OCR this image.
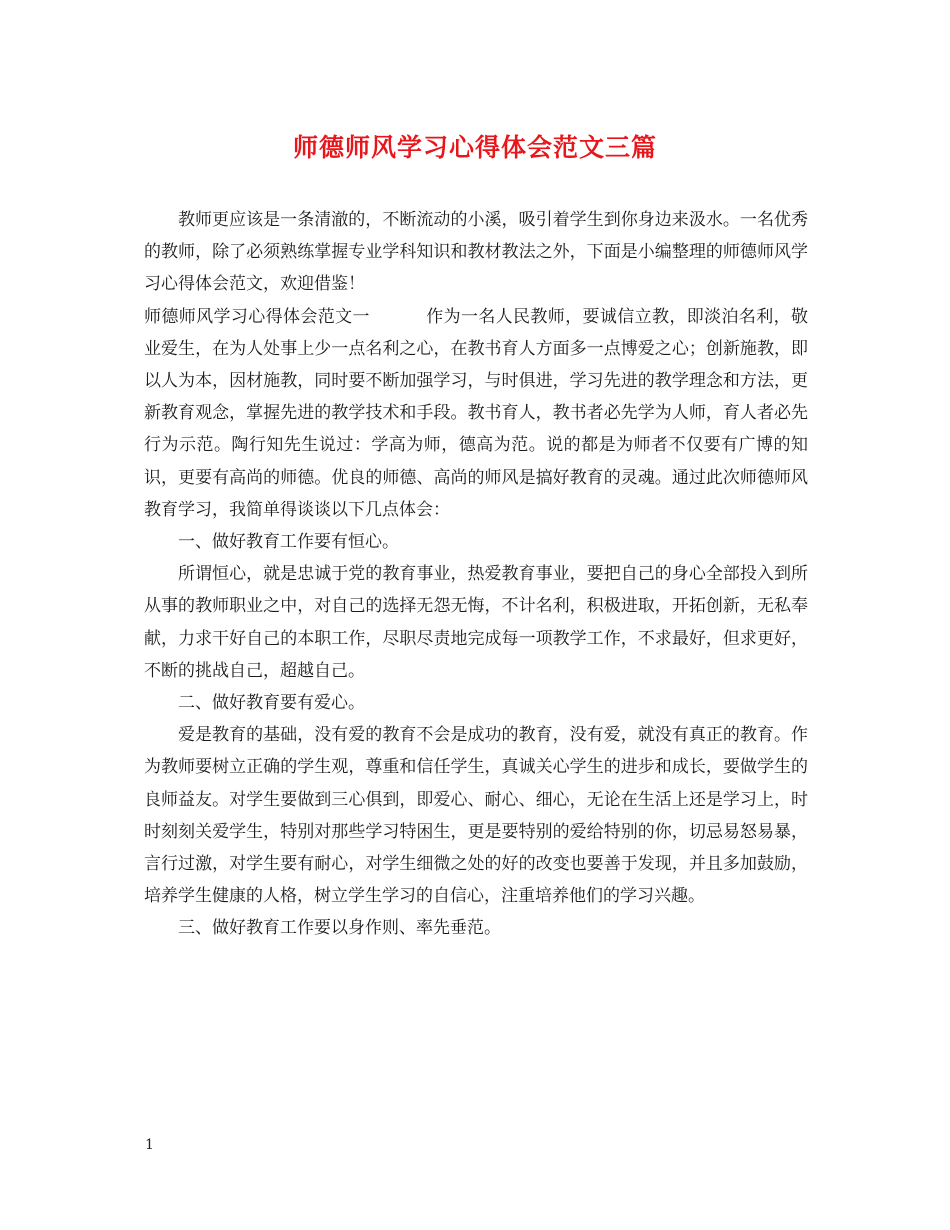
师德师风学习心得体会范文三篇

教师更应该是一条清澈的，不断流动的小溪，吸引着学生到你身边来汲水。一名优秀的教师，除了必须熟练掌握专业学科知识和教材教法之外，下面是小编整理的师德师风学习心得体会范文，欢迎借鉴！

师德师风学习心得体会范文一	作为一名人民教师，要诚信立教，即淡泊名利，敬业爱生，在为人处事上少一点名利之心，在教书育人方面多一点博爱之心；创新施教，即以人为本，因材施教，同时要不断加强学习，与时俱进，学习先进的教学理念和方法，更新教育观念，掌握先进的教学技术和手段。教书育人，教书者必先学为人师，育人者必先行为示范。陶行知先生说过：学高为师，德高为范。说的都是为师者不仅要有广博的知识，更要有高尚的师德。优良的师德、高尚的师风是搞好教育的灵魂。通过此次师德师风教育学习，我简单得谈谈以下几点体会：

一、做好教育工作要有恒心。

所谓恒心，就是忠诚于党的教育事业，热爱教育事业，要把自己的身心全部投入到所从事的教师职业之中，对自己的选择无怨无悔，不计名利，积极进取，开拓创新，无私奉献，力求干好自己的本职工作，尽职尽责地完成每一项教学工作，不求最好，但求更好，不断的挑战自己，超越自己。

二、做好教育要有爱心。

爱是教育的基础，没有爱的教育不会是成功的教育，没有爱，就没有真正的教育。作为教师要树立正确的学生观，尊重和信任学生，真诚关心学生的进步和成长，要做学生的良师益友。对学生要做到三心俱到，即爱心、耐心、细心，无论在生活上还是学习上，时时刻刻关爱学生，特别对那些学习特困生，更是要特别的爱给特别的你，切忌易怒易暴，言行过激，对学生要有耐心，对学生细微之处的好的改变也要善于发现，并且多加鼓励，培养学生健康的人格，树立学生学习的自信心，注重培养他们的学习兴趣。

三、做好教育工作要以身作则、率先垂范。

1
